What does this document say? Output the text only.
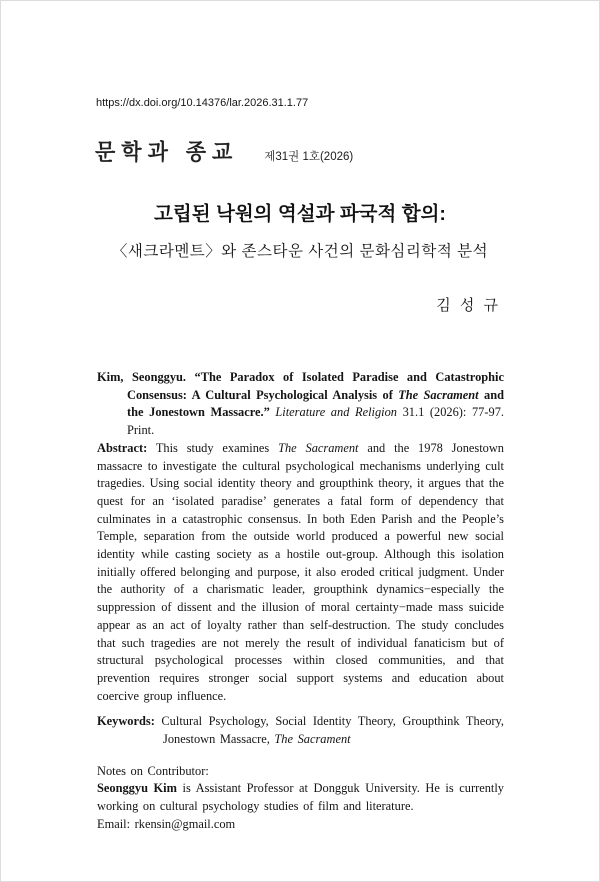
https://dx.doi.org/10.14376/lar.2026.31.1.77
문학과 종교 제31권 1호(2026)
고립된 낙원의 역설과 파국적 합의:
〈새크라멘트〉와 존스타운 사건의 문화심리학적 분석
김 성 규

Kim, Seonggyu. “The Paradox of Isolated Paradise and Catastrophic Consensus: A Cultural Psychological Analysis of The Sacrament and the Jonestown Massacre.” Literature and Religion 31.1 (2026): 77-97. Print.

Abstract: This study examines The Sacrament and the 1978 Jonestown massacre to investigate the cultural psychological mechanisms underlying cult tragedies. Using social identity theory and groupthink theory, it argues that the quest for an ‘isolated paradise’ generates a fatal form of dependency that culminates in a catastrophic consensus. In both Eden Parish and the People’s Temple, separation from the outside world produced a powerful new social identity while casting society as a hostile out-group. Although this isolation initially offered belonging and purpose, it also eroded critical judgment. Under the authority of a charismatic leader, groupthink dynamics−especially the suppression of dissent and the illusion of moral certainty−made mass suicide appear as an act of loyalty rather than self-destruction. The study concludes that such tragedies are not merely the result of individual fanaticism but of structural psychological processes within closed communities, and that prevention requires stronger social support systems and education about coercive group influence.

Keywords: Cultural Psychology, Social Identity Theory, Groupthink Theory, Jonestown Massacre, The Sacrament

Notes on Contributor:

Seonggyu Kim is Assistant Professor at Dongguk University. He is currently working on cultural psychology studies of film and literature.

Email: rkensin@gmail.com
